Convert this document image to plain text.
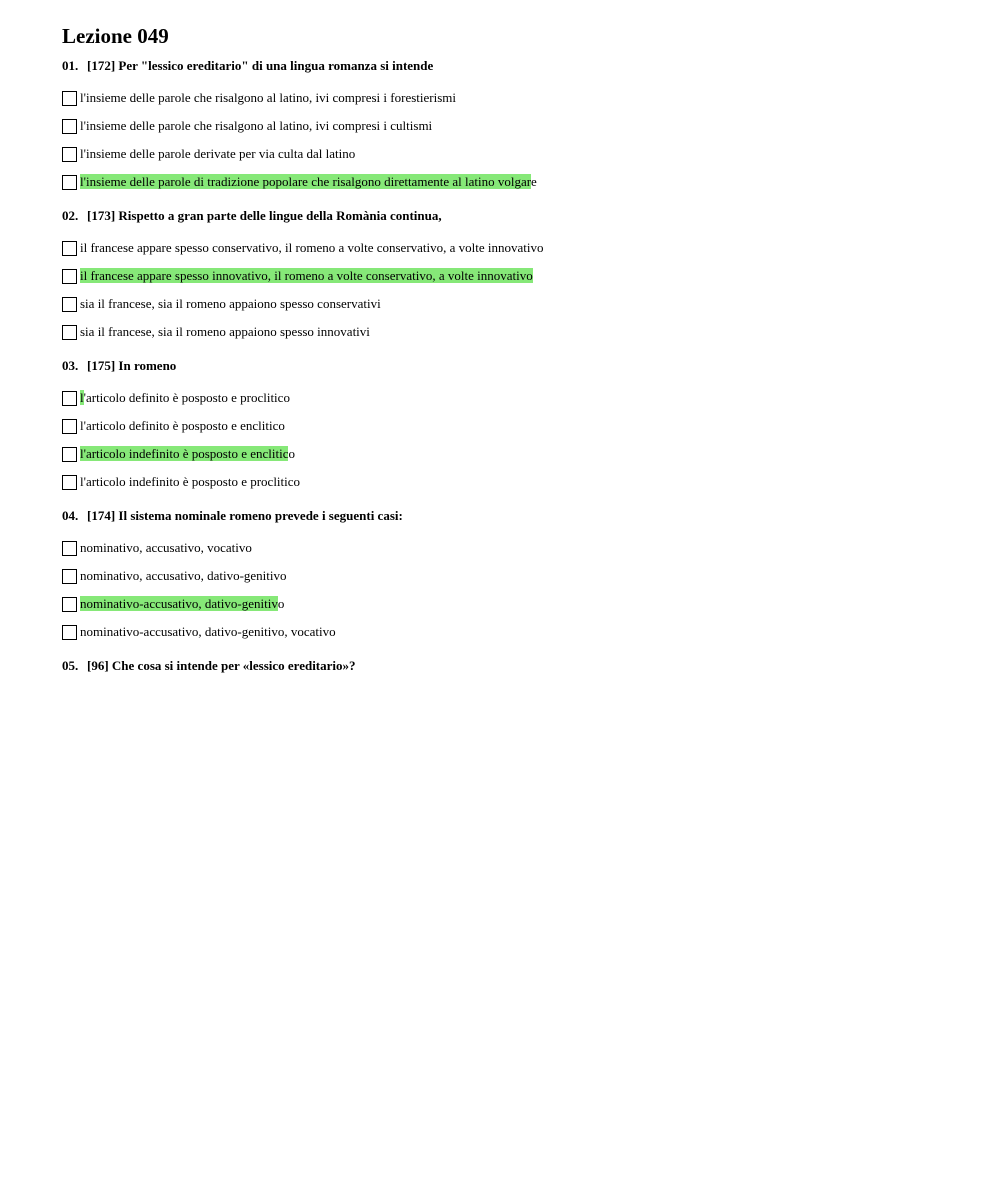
Lezione 049
01. [172] Per "lessico ereditario" di una lingua romanza si intende
l'insieme delle parole che risalgono al latino, ivi compresi i forestierismi
l'insieme delle parole che risalgono al latino, ivi compresi i cultismi
l'insieme delle parole derivate per via culta dal latino
l'insieme delle parole di tradizione popolare che risalgono direttamente al latino volgare
02. [173] Rispetto a gran parte delle lingue della Romània continua,
il francese appare spesso conservativo, il romeno a volte conservativo, a volte innovativo
il francese appare spesso innovativo, il romeno a volte conservativo, a volte innovativo
sia il francese, sia il romeno appaiono spesso conservativi
sia il francese, sia il romeno appaiono spesso innovativi
03. [175] In romeno
l'articolo definito è posposto e proclitico
l'articolo definito è posposto e enclitico
l'articolo indefinito è posposto e enclitico
l'articolo indefinito è posposto e proclitico
04. [174] Il sistema nominale romeno prevede i seguenti casi:
nominativo, accusativo, vocativo
nominativo, accusativo, dativo-genitivo
nominativo-accusativo, dativo-genitivo
nominativo-accusativo, dativo-genitivo, vocativo
05. [96] Che cosa si intende per «lessico ereditario»?
